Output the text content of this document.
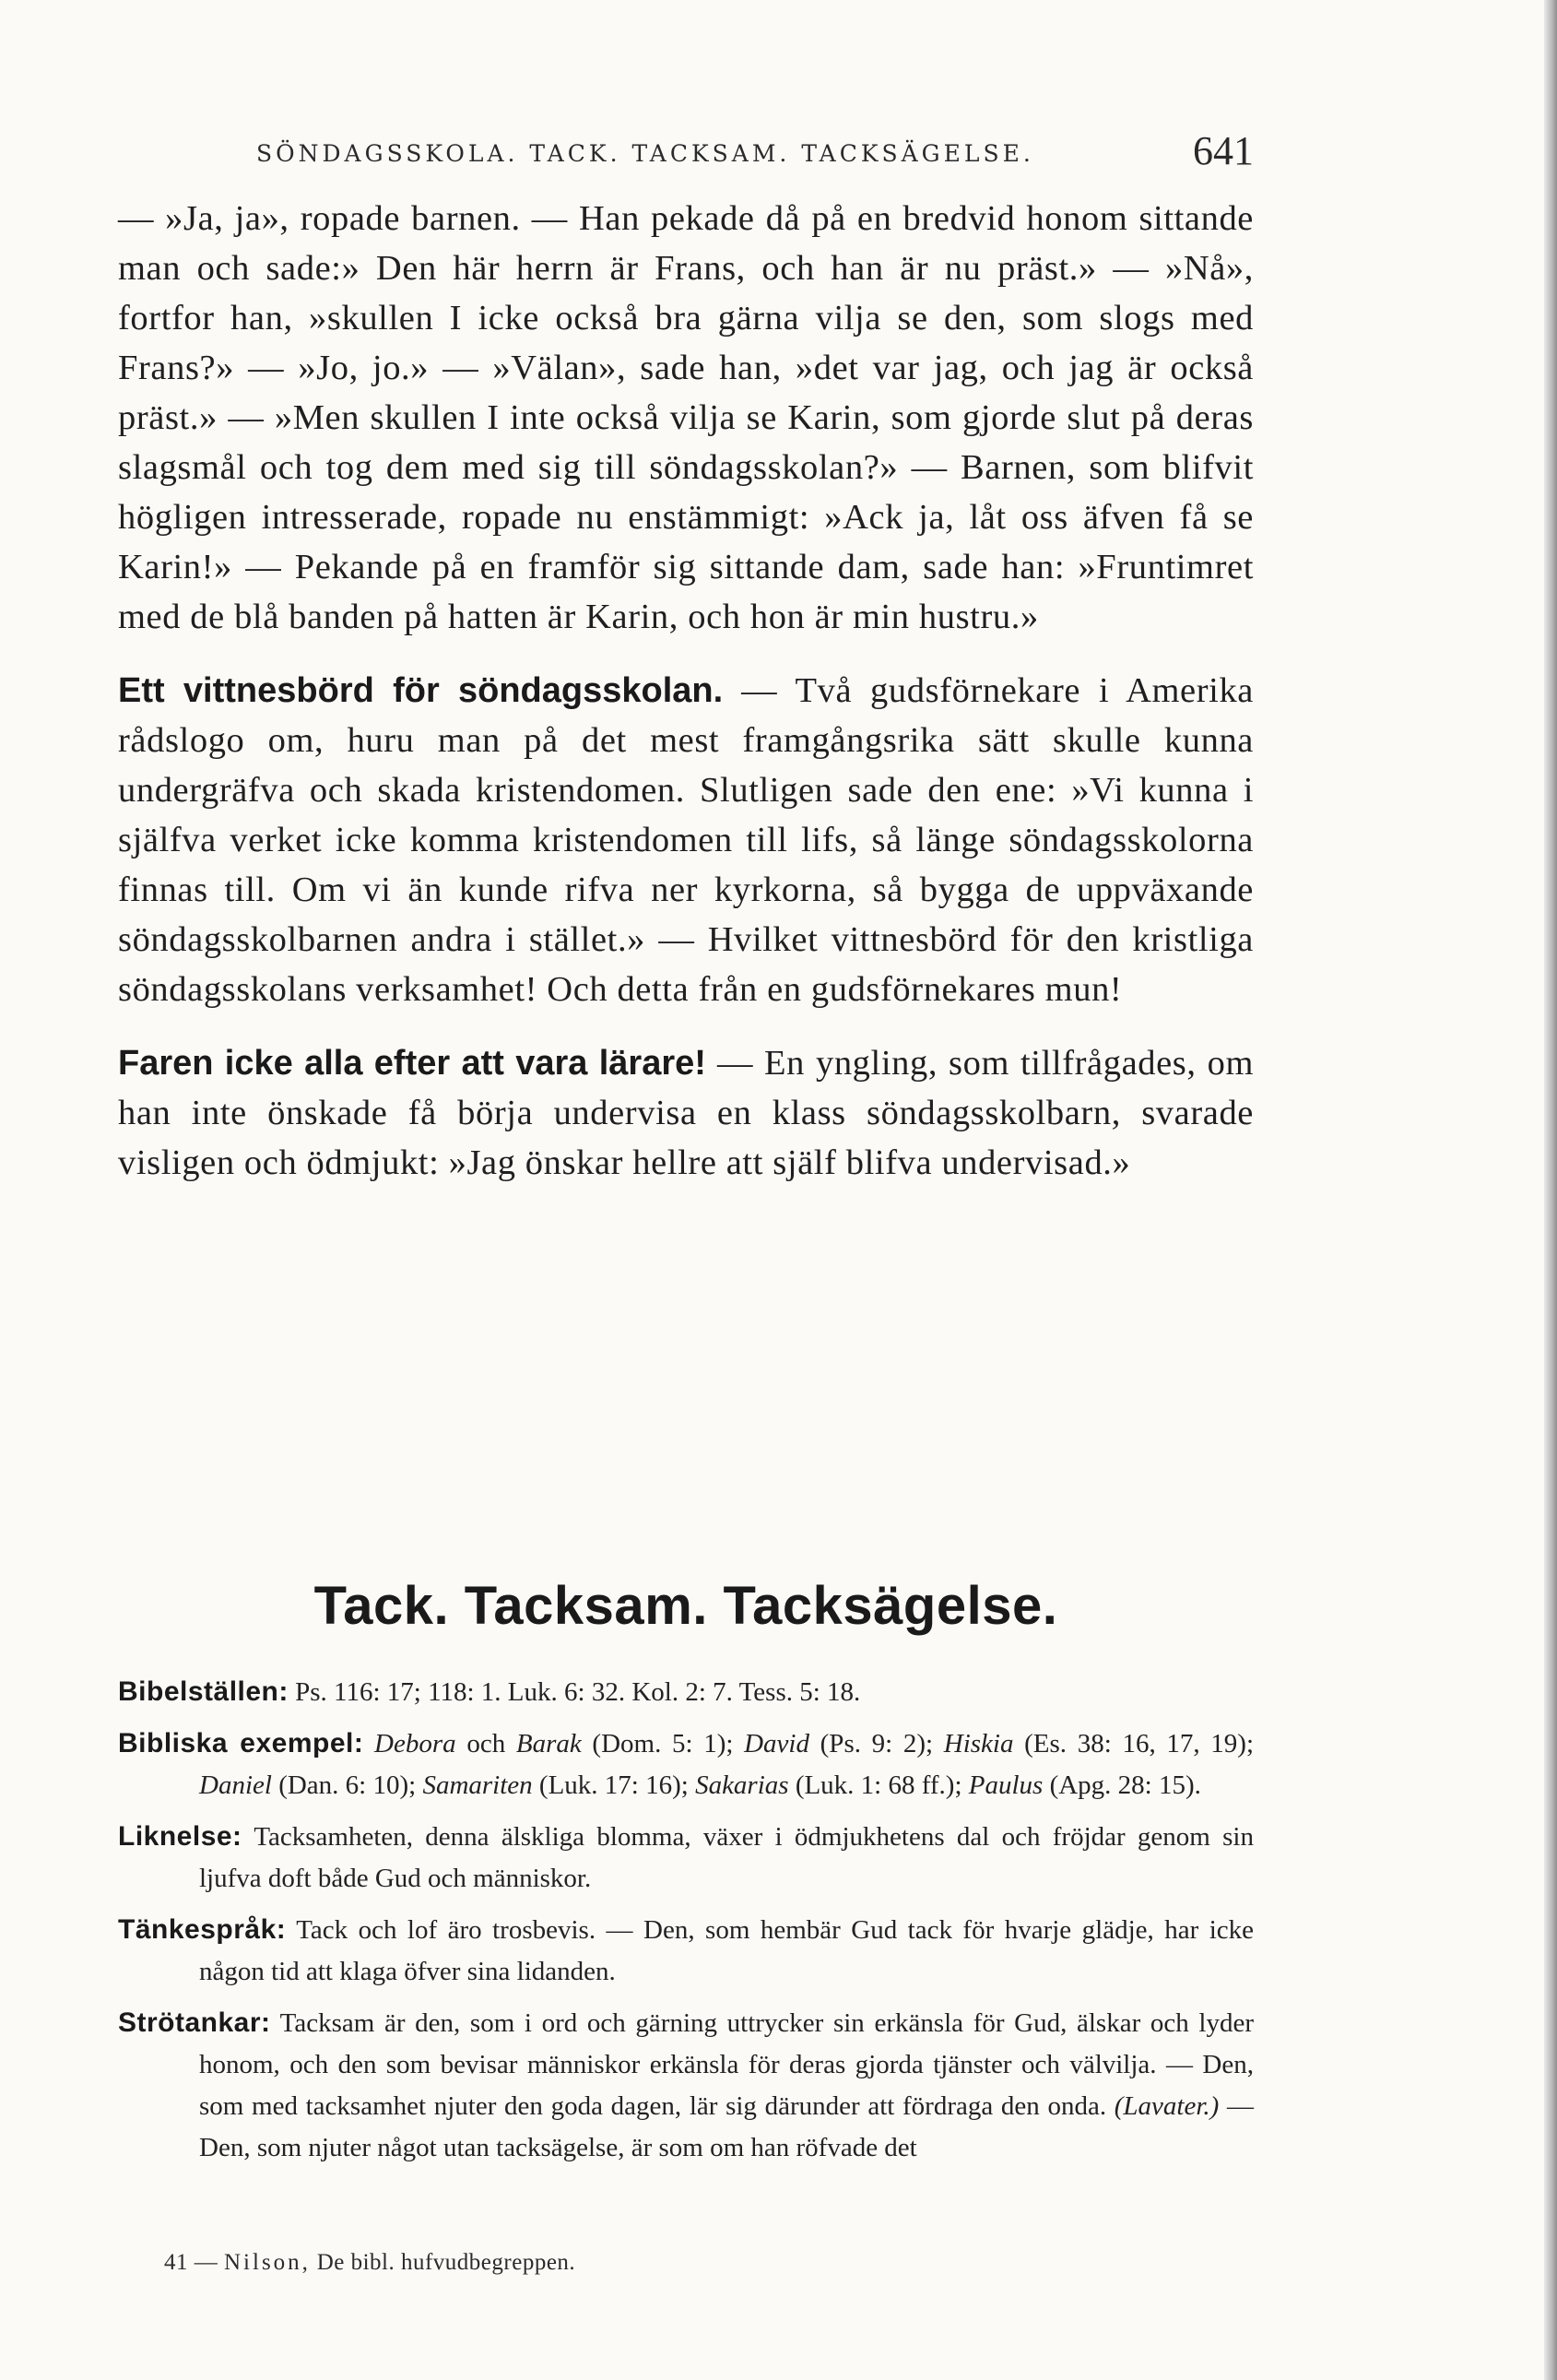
SÖNDAGSSKOLA. TACK. TACKSAM. TACKSÄGELSE.	641

— »Ja, ja», ropade barnen. — Han pekade då på en bredvid honom sittande man och sade:» Den här herrn är Frans, och han är nu präst.» — »Nå», fortfor han, »skullen I icke också bra gärna vilja se den, som slogs med Frans?» — »Jo, jo.» — »Välan», sade han, »det var jag, och jag är också präst.» — »Men skullen I inte också vilja se Karin, som gjorde slut på deras slagsmål och tog dem med sig till söndagsskolan?» — Barnen, som blifvit högligen intresserade, ropade nu enstämmigt: »Ack ja, låt oss äfven få se Karin!» — Pekande på en framför sig sittande dam, sade han: »Fruntimret med de blå banden på hatten är Karin, och hon är min hustru.»

Ett vittnesbörd för söndagsskolan. — Två gudsförnekare i Amerika rådslogo om, huru man på det mest framgångsrika sätt skulle kunna undergräfva och skada kristendomen. Slutligen sade den ene: »Vi kunna i själfva verket icke komma kristendomen till lifs, så länge söndagsskolorna finnas till. Om vi än kunde rifva ner kyrkorna, så bygga de uppväxande söndagsskolbarnen andra i stället.» — Hvilket vittnesbörd för den kristliga söndagsskolans verksamhet! Och detta från en gudsförnekares mun!

Faren icke alla efter att vara lärare! — En yngling, som tillfrågades, om han inte önskade få börja undervisa en klass söndagsskolbarn, svarade visligen och ödmjukt: »Jag önskar hellre att själf blifva undervisad.»

Tack. Tacksam. Tacksägelse.

Bibelställen: Ps. 116: 17; 118: 1. Luk. 6: 32. Kol. 2: 7. Tess. 5: 18.

Bibliska exempel: Debora och Barak (Dom. 5: 1); David (Ps. 9: 2); Hiskia (Es. 38: 16, 17, 19); Daniel (Dan. 6: 10); Samariten (Luk. 17: 16); Sakarias (Luk. 1: 68 ff.); Paulus (Apg. 28: 15).

Liknelse: Tacksamheten, denna älskliga blomma, växer i ödmjukhetens dal och fröjdar genom sin ljufva doft både Gud och människor.

Tänkespråk: Tack och lof äro trosbevis. — Den, som hembär Gud tack för hvarje glädje, har icke någon tid att klaga öfver sina lidanden.

Strötankar: Tacksam är den, som i ord och gärning uttrycker sin erkänsla för Gud, älskar och lyder honom, och den som bevisar människor erkänsla för deras gjorda tjänster och välvilja. — Den, som med tacksamhet njuter den goda dagen, lär sig därunder att fördraga den onda. (Lavater.) — Den, som njuter något utan tacksägelse, är som om han röfvade det

41 — Nilson, De bibl. hufvudbegreppen.
